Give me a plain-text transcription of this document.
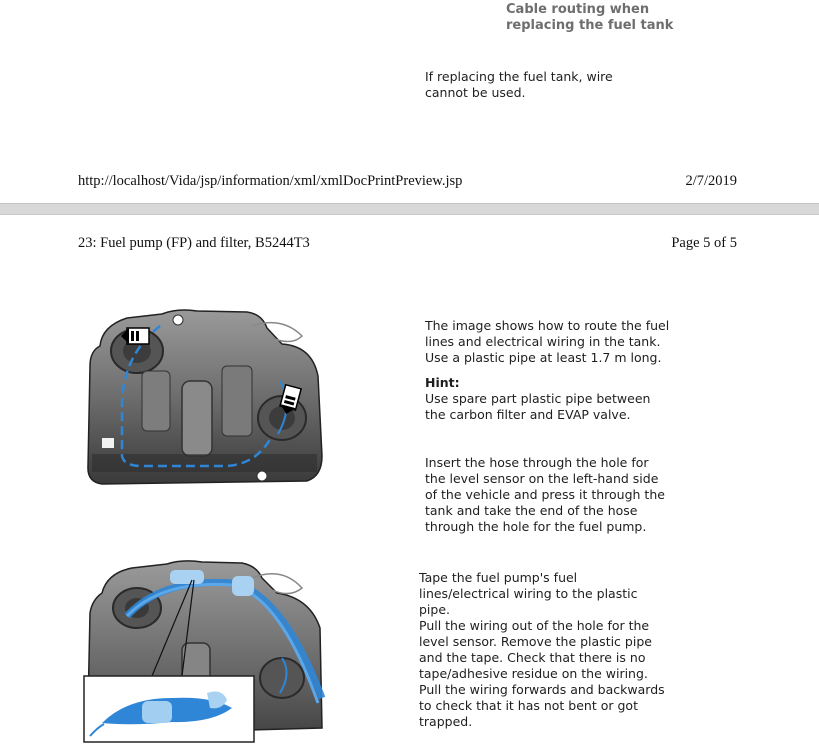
Cable routing when replacing the fuel tank
If replacing the fuel tank, wire cannot be used.
http://localhost/Vida/jsp/information/xml/xmlDocPrintPreview.jsp	2/7/2019
23: Fuel pump (FP) and filter, B5244T3	Page 5 of 5
The image shows how to route the fuel lines and electrical wiring in the tank. Use a plastic pipe at least 1.7 m long.
Hint:
Use spare part plastic pipe between the carbon filter and EVAP valve.
Insert the hose through the hole for the level sensor on the left-hand side of the vehicle and press it through the tank and take the end of the hose through the hole for the fuel pump.
Tape the fuel pump's fuel lines/electrical wiring to the plastic pipe.
Pull the wiring out of the hole for the level sensor. Remove the plastic pipe and the tape. Check that there is no tape/adhesive residue on the wiring.
Pull the wiring forwards and backwards to check that it has not bent or got trapped.
